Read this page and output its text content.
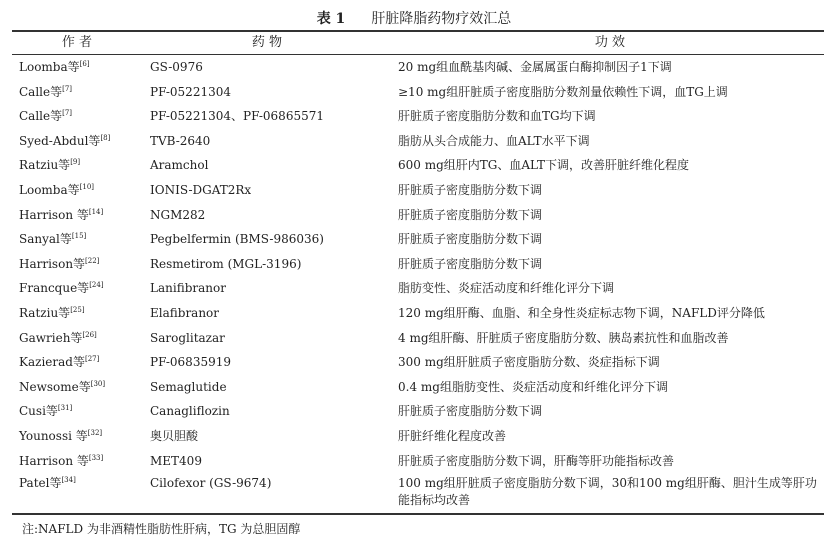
表 1 肝脏降脂药物疗效汇总
作 者	药 物	功 效
Loomba等[6]	GS-0976	20 mg组血酰基肉碱、金属属蛋白酶抑制因子1下调
Calle等[7]	PF-05221304	≥10 mg组肝脏质子密度脂肪分数剂量依赖性下调，血TG上调
Calle等[7]	PF-05221304、PF-06865571	肝脏质子密度脂肪分数和血TG均下调
Syed-Abdul等[8]	TVB-2640	脂肪从头合成能力、血ALT水平下调
Ratziu等[9]	Aramchol	600 mg组肝内TG、血ALT下调，改善肝脏纤维化程度
Loomba等[10]	IONIS-DGAT2Rx	肝脏质子密度脂肪分数下调
Harrison 等[14]	NGM282	肝脏质子密度脂肪分数下调
Sanyal等[15]	Pegbelfermin (BMS-986036)	肝脏质子密度脂肪分数下调
Harrison等[22]	Resmetirom (MGL-3196)	肝脏质子密度脂肪分数下调
Francque等[24]	Lanifibranor	脂肪变性、炎症活动度和纤维化评分下调
Ratziu等[25]	Elafibranor	120 mg组肝酶、血脂、和全身性炎症标志物下调，NAFLD评分降低
Gawrieh等[26]	Saroglitazar	4 mg组肝酶、肝脏质子密度脂肪分数、胰岛素抗性和血脂改善
Kazierad等[27]	PF-06835919	300 mg组肝脏质子密度脂肪分数、炎症指标下调
Newsome等[30]	Semaglutide	0.4 mg组脂肪变性、炎症活动度和纤维化评分下调
Cusi等[31]	Canagliflozin	肝脏质子密度脂肪分数下调
Younossi 等[32]	奥贝胆酸	肝脏纤维化程度改善
Harrison 等[33]	MET409	肝脏质子密度脂肪分数下调，肝酶等肝功能指标改善
Patel等[34]	Cilofexor (GS-9674)	100 mg组肝脏质子密度脂肪分数下调，30和100 mg组肝酶、胆汁生成等肝功能指标均改善
注:NAFLD 为非酒精性脂肪性肝病，TG 为总胆固醇
